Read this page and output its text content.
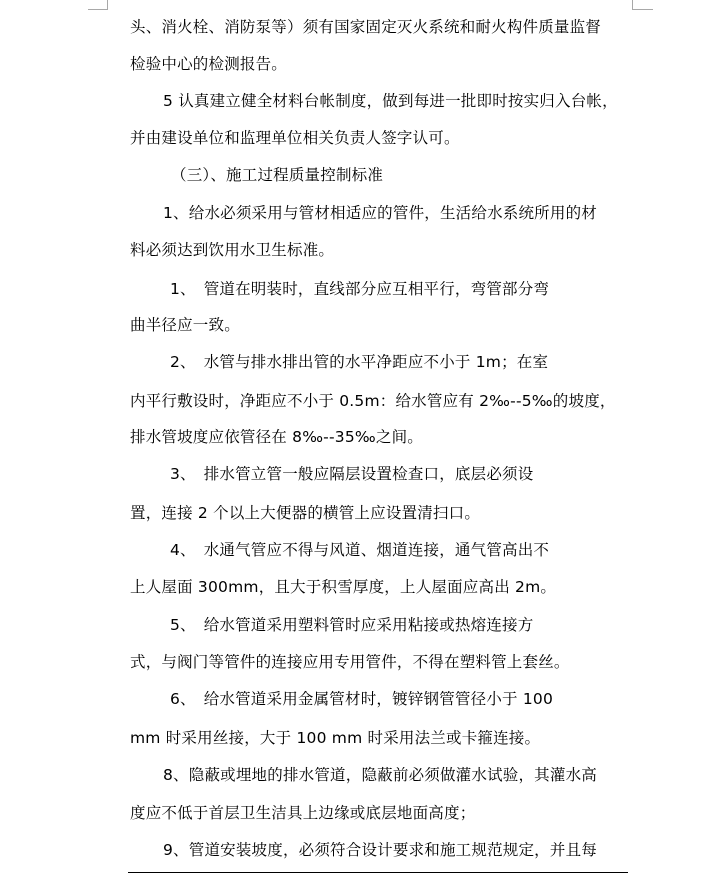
头、消火栓、消防泵等）须有国家固定灭火系统和耐火构件质量监督
检验中心的检测报告。
5 认真建立健全材料台帐制度，做到每进一批即时按实归入台帐，
并由建设单位和监理单位相关负责人签字认可。
（三）、施工过程质量控制标准
1、给水必须采用与管材相适应的管件，生活给水系统所用的材
料必须达到饮用水卫生标准。
1、　管道在明装时，直线部分应互相平行，弯管部分弯
曲半径应一致。
2、　水管与排水排出管的水平净距应不小于 1m；在室
内平行敷设时，净距应不小于 0.5m：给水管应有 2‰--5‰的坡度，
排水管坡度应依管径在 8‰--35‰之间。
3、　排水管立管一般应隔层设置检查口，底层必须设
置，连接 2 个以上大便器的横管上应设置清扫口。
4、　水通气管应不得与风道、烟道连接，通气管高出不
上人屋面 300mm，且大于积雪厚度，上人屋面应高出 2m。
5、　给水管道采用塑料管时应采用粘接或热熔连接方
式，与阀门等管件的连接应用专用管件，不得在塑料管上套丝。
6、　给水管道采用金属管材时，镀锌钢管管径小于 100
mm 时采用丝接，大于 100 mm 时采用法兰或卡箍连接。
8、隐蔽或埋地的排水管道，隐蔽前必须做灌水试验，其灌水高
度应不低于首层卫生洁具上边缘或底层地面高度；
9、管道安装坡度，必须符合设计要求和施工规范规定，并且每
